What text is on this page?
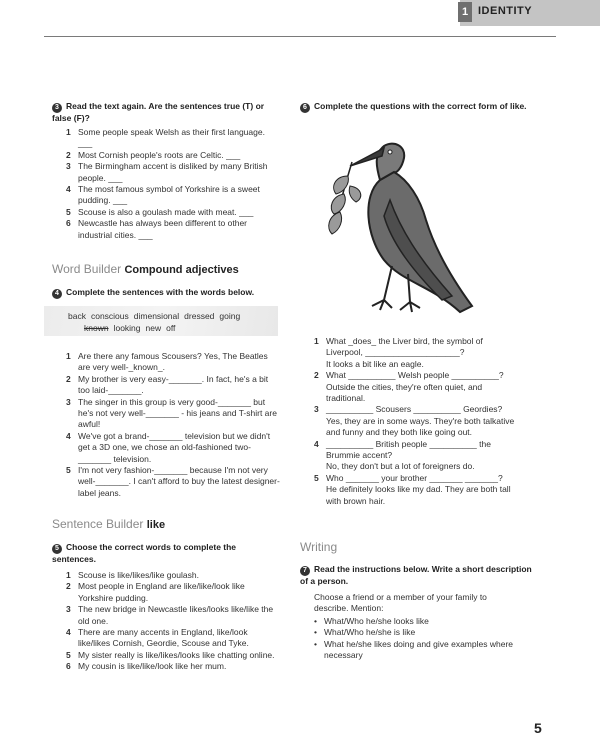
1 IDENTITY
3 Read the text again. Are the sentences true (T) or false (F)?
1 Some people speak Welsh as their first language. ___
2 Most Cornish people's roots are Celtic. ___
3 The Birmingham accent is disliked by many British people. ___
4 The most famous symbol of Yorkshire is a sweet pudding. ___
5 Scouse is also a goulash made with meat. ___
6 Newcastle has always been different to other industrial cities. ___
Word Builder Compound adjectives
4 Complete the sentences with the words below.
back conscious dimensional dressed going
known looking new off
1 Are there any famous Scousers? Yes, The Beatles are very well-_known_.
2 My brother is very easy-_______. In fact, he's a bit too laid-_______.
3 The singer in this group is very good-_______ but he's not very well-_______ - his jeans and T-shirt are awful!
4 We've got a brand-_______ television but we didn't get a 3D one, we chose an old-fashioned two-_______ television.
5 I'm not very fashion-_______ because I'm not very well-_______. I can't afford to buy the latest designer-label jeans.
Sentence Builder like
5 Choose the correct words to complete the sentences.
1 Scouse is like/likes/like goulash.
2 Most people in England are like/like/look like Yorkshire pudding.
3 The new bridge in Newcastle likes/looks like/like the old one.
4 There are many accents in England, like/look like/likes Cornish, Geordie, Scouse and Tyke.
5 My sister really is like/likes/looks like chatting online.
6 My cousin is like/like/look like her mum.
6 Complete the questions with the correct form of like.
1 What _does_ the Liver bird, the symbol of Liverpool, ____________________?
It looks a bit like an eagle.
2 What __________ Welsh people __________?
Outside the cities, they're often quiet, and traditional.
3 __________ Scousers __________ Geordies?
Yes, they are in some ways. They're both talkative and funny and they both like going out.
4 __________ British people __________ the Brummie accent?
No, they don't but a lot of foreigners do.
5 Who _______ your brother _______ _______?
He definitely looks like my dad. They are both tall with brown hair.
Writing
7 Read the instructions below. Write a short description of a person.
Choose a friend or a member of your family to describe. Mention:
• What/Who he/she looks like
• What/Who he/she is like
• What he/she likes doing and give examples where necessary
5
